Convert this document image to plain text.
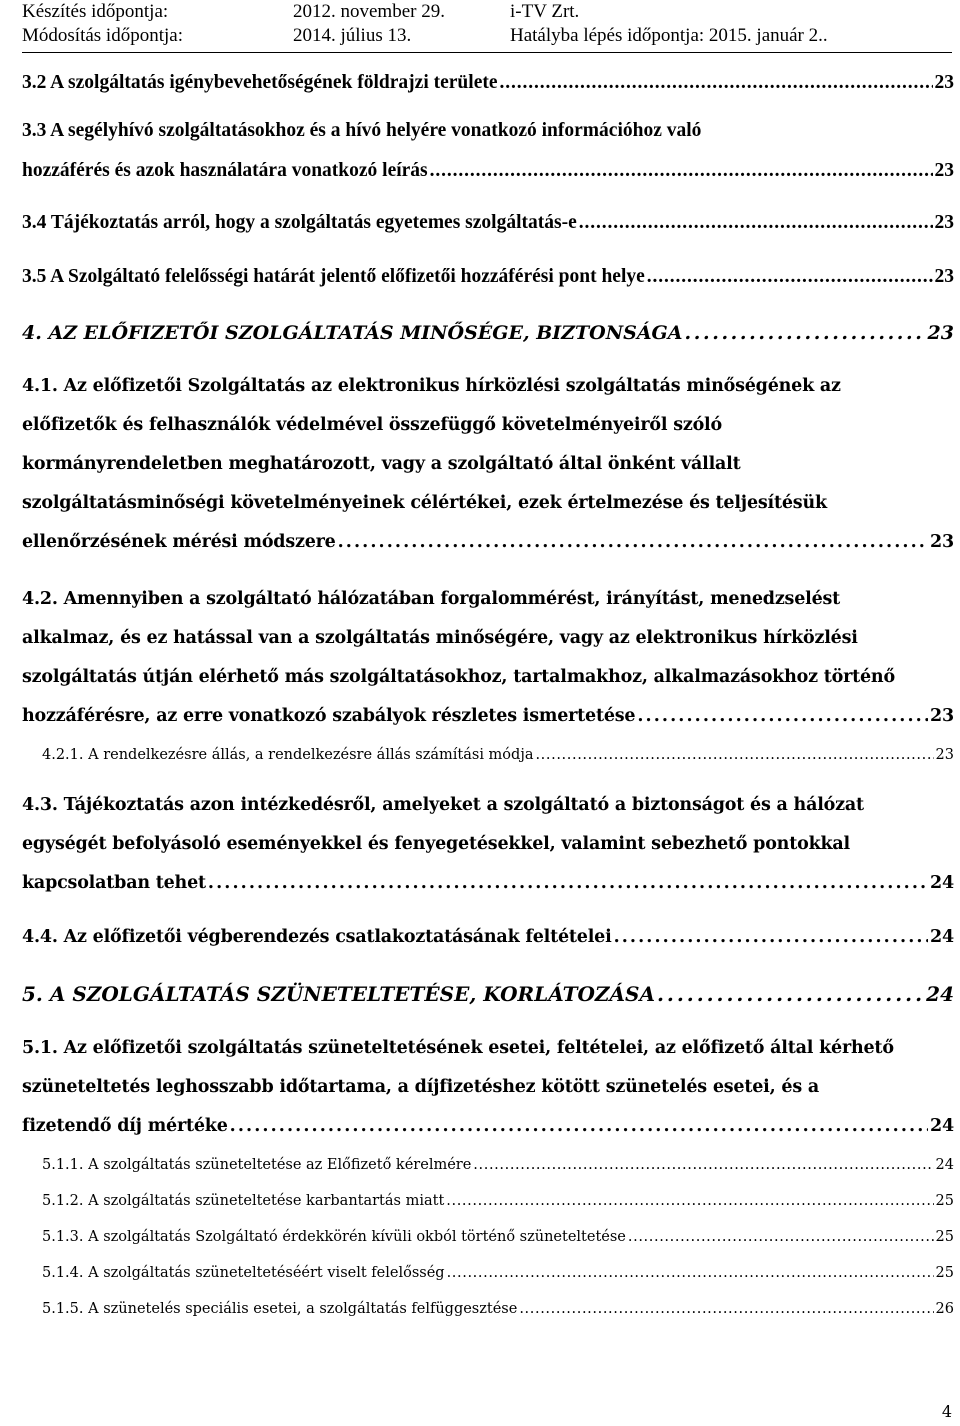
Készítés időpontja:	2012. november 29.	i-TV Zrt.
Módosítás időpontja:	2014. július 13.	Hatályba lépés időpontja: 2015. január 2..
3.2 A szolgáltatás igénybevehetőségének földrajzi területe . . .	23
3.3 A segélyhívó szolgáltatásokhoz és a hívó helyére vonatkozó információhoz való
hozzáférés és azok használatára vonatkozó leírás . . .	23
3.4 Tájékoztatás arról, hogy a szolgáltatás egyetemes szolgáltatás-e . . .	23
3.5 A Szolgáltató felelősségi határát jelentő előfizetői hozzáférési pont helye . . .	23
4. AZ ELŐFIZETŐI SZOLGÁLTATÁS MINŐSÉGE, BIZTONSÁGA . . .	23
4.1. Az előfizetői Szolgáltatás az elektronikus hírközlési szolgáltatás minőségének az
előfizetők és felhasználók védelmével összefüggő követelményeiről szóló
kormányrendeletben meghatározott, vagy a szolgáltató által önként vállalt
szolgáltatásminőségi követelményeinek célértékei, ezek értelmezése és teljesítésük
ellenőrzésének mérési módszere . . .	23
4.2. Amennyiben a szolgáltató hálózatában forgalommérést, irányítást, menedzselést
alkalmaz, és ez hatással van a szolgáltatás minőségére, vagy az elektronikus hírközlési
szolgáltatás útján elérhető más szolgáltatásokhoz, tartalmakhoz, alkalmazásokhoz történő
hozzáférésre, az erre vonatkozó szabályok részletes ismertetése . . .	23
4.2.1. A rendelkezésre állás, a rendelkezésre állás számítási módja . . .	23
4.3. Tájékoztatás azon intézkedésről, amelyeket a szolgáltató a biztonságot és a hálózat
egységét befolyásoló eseményekkel és fenyegetésekkel, valamint sebezhető pontokkal
kapcsolatban tehet . . .	24
4.4. Az előfizetői végberendezés csatlakoztatásának feltételei . . .	24
5. A SZOLGÁLTATÁS SZÜNETELTETÉSE, KORLÁTOZÁSA . . .	24
5.1. Az előfizetői szolgáltatás szüneteltetésének esetei, feltételei, az előfizető által kérhető
szüneteltetés leghosszabb időtartama, a díjfizetéshez kötött szünetelés esetei, és a
fizetendő díj mértéke . . .	24
5.1.1. A szolgáltatás szüneteltetése az Előfizető kérelmére . . .	24
5.1.2. A szolgáltatás szüneteltetése karbantartás miatt . . .	25
5.1.3. A szolgáltatás Szolgáltató érdekkörén kívüli okból történő szüneteltetése . . .	25
5.1.4. A szolgáltatás szüneteltetéséért viselt felelősség . . .	25
5.1.5. A szünetelés speciális esetei, a szolgáltatás felfüggesztése . . .	26
4
